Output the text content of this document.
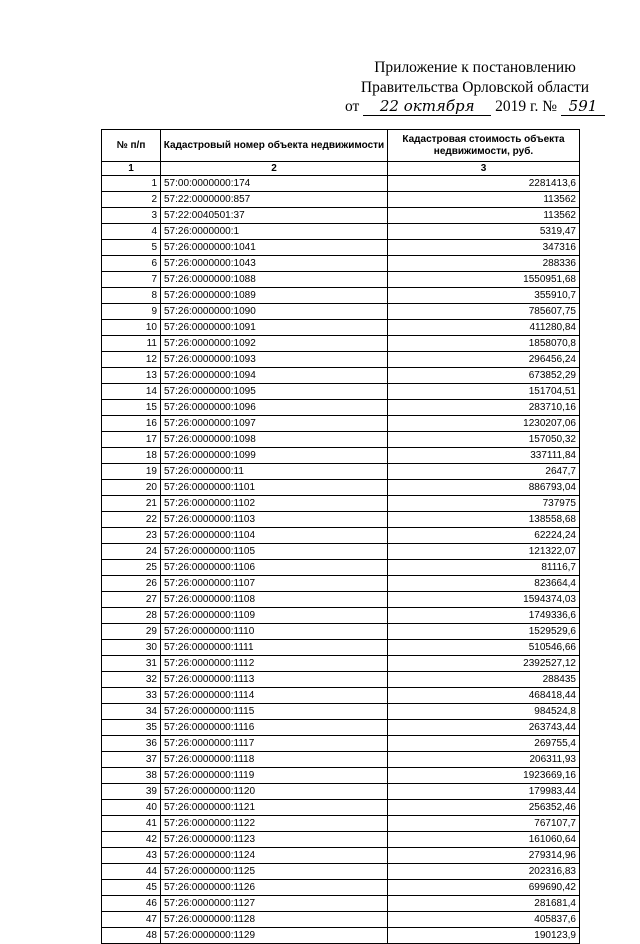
Приложение к постановлению
Правительства Орловской области
от 22 октября 2019 г. № 591
№ п/п	Кадастровый номер объекта недвижимости	Кадастровая стоимость объекта недвижимости, руб.
1	2	3
1	57:00:0000000:174	2281413,6
2	57:22:0000000:857	113562
3	57:22:0040501:37	113562
4	57:26:0000000:1	5319,47
5	57:26:0000000:1041	347316
6	57:26:0000000:1043	288336
7	57:26:0000000:1088	1550951,68
8	57:26:0000000:1089	355910,7
9	57:26:0000000:1090	785607,75
10	57:26:0000000:1091	411280,84
11	57:26:0000000:1092	1858070,8
12	57:26:0000000:1093	296456,24
13	57:26:0000000:1094	673852,29
14	57:26:0000000:1095	151704,51
15	57:26:0000000:1096	283710,16
16	57:26:0000000:1097	1230207,06
17	57:26:0000000:1098	157050,32
18	57:26:0000000:1099	337111,84
19	57:26:0000000:11	2647,7
20	57:26:0000000:1101	886793,04
21	57:26:0000000:1102	737975
22	57:26:0000000:1103	138558,68
23	57:26:0000000:1104	62224,24
24	57:26:0000000:1105	121322,07
25	57:26:0000000:1106	81116,7
26	57:26:0000000:1107	823664,4
27	57:26:0000000:1108	1594374,03
28	57:26:0000000:1109	1749336,6
29	57:26:0000000:1110	1529529,6
30	57:26:0000000:1111	510546,66
31	57:26:0000000:1112	2392527,12
32	57:26:0000000:1113	288435
33	57:26:0000000:1114	468418,44
34	57:26:0000000:1115	984524,8
35	57:26:0000000:1116	263743,44
36	57:26:0000000:1117	269755,4
37	57:26:0000000:1118	206311,93
38	57:26:0000000:1119	1923669,16
39	57:26:0000000:1120	179983,44
40	57:26:0000000:1121	256352,46
41	57:26:0000000:1122	767107,7
42	57:26:0000000:1123	161060,64
43	57:26:0000000:1124	279314,96
44	57:26:0000000:1125	202316,83
45	57:26:0000000:1126	699690,42
46	57:26:0000000:1127	281681,4
47	57:26:0000000:1128	405837,6
48	57:26:0000000:1129	190123,9
